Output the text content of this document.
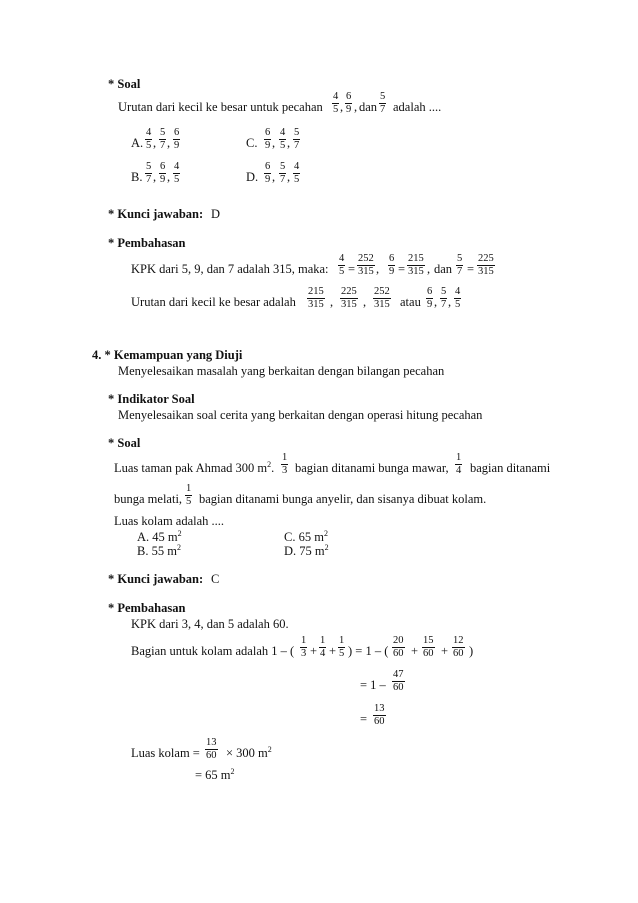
* Soal
Urutan dari kecil ke besar untuk pecahan $\frac{4}{5}$ , $\frac{6}{9}$ , dan $\frac{5}{7}$ adalah ....
A. $\frac{4}{5}$ , $\frac{5}{7}$ , $\frac{6}{9}$	C. $\frac{6}{9}$ , $\frac{4}{5}$ , $\frac{5}{7}$
B. $\frac{5}{7}$ , $\frac{6}{9}$ , $\frac{4}{5}$	D. $\frac{6}{9}$ , $\frac{5}{7}$ , $\frac{4}{5}$
* Kunci jawaban: D
* Pembahasan
KPK dari 5, 9, dan 7 adalah 315, maka: $\frac{4}{5} = \frac{252}{315}$ , $\frac{6}{9} = \frac{215}{315}$ , dan $\frac{5}{7} = \frac{225}{315}$
Urutan dari kecil ke besar adalah $\frac{215}{315}$ , $\frac{225}{315}$ , $\frac{252}{315}$ atau $\frac{6}{9}$ , $\frac{5}{7}$ , $\frac{4}{5}$
4. * Kemampuan yang Diuji
Menyelesaikan masalah yang berkaitan dengan bilangan pecahan
* Indikator Soal
Menyelesaikan soal cerita yang berkaitan dengan operasi hitung pecahan
* Soal
Luas taman pak Ahmad 300 $m^2$. $\frac{1}{3}$ bagian ditanami bunga mawar, $\frac{1}{4}$ bagian ditanami
bunga melati, $\frac{1}{5}$ bagian ditanami bunga anyelir, dan sisanya dibuat kolam.
Luas kolam adalah ....
A. 45 $m^2$	C. 65 $m^2$
B. 55 $m^2$	D. 75 $m^2$
* Kunci jawaban: C
* Pembahasan
KPK dari 3, 4, dan 5 adalah 60.
Bagian untuk kolam adalah 1 – ( $\frac{1}{3} + \frac{1}{4} + \frac{1}{5}$ ) = 1 – ( $\frac{20}{60} + \frac{15}{60} + \frac{12}{60}$ )
= $1 - \frac{47}{60}$
= $\frac{13}{60}$
Luas kolam = $\frac{13}{60} \times 300$ $m^2$
= 65 $m^2$
